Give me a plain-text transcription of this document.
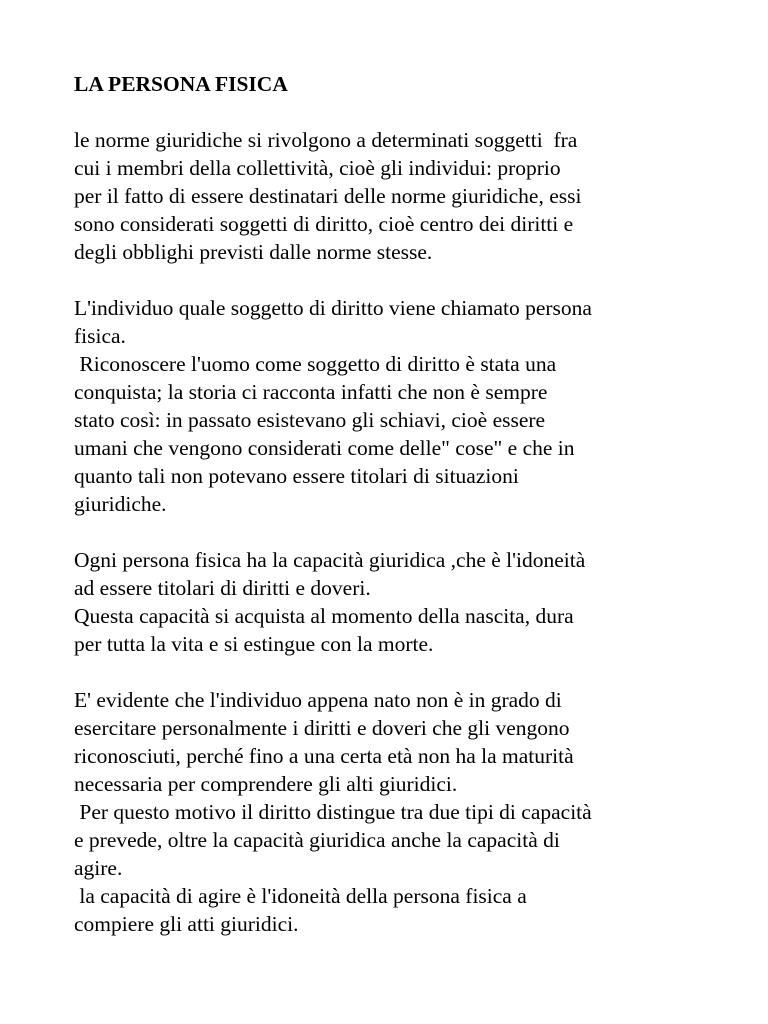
LA PERSONA FISICA

le norme giuridiche si rivolgono a determinati soggetti  fra

cui i membri della collettività, cioè gli individui: proprio

per il fatto di essere destinatari delle norme giuridiche, essi

sono considerati soggetti di diritto, cioè centro dei diritti e

degli obblighi previsti dalle norme stesse.

L'individuo quale soggetto di diritto viene chiamato persona

fisica.

Riconoscere l'uomo come soggetto di diritto è stata una

conquista; la storia ci racconta infatti che non è sempre

stato così: in passato esistevano gli schiavi, cioè essere

umani che vengono considerati come delle" cose" e che in

quanto tali non potevano essere titolari di situazioni

giuridiche.

Ogni persona fisica ha la capacità giuridica ,che è l'idoneità

ad essere titolari di diritti e doveri.

Questa capacità si acquista al momento della nascita, dura

per tutta la vita e si estingue con la morte.

E' evidente che l'individuo appena nato non è in grado di

esercitare personalmente i diritti e doveri che gli vengono

riconosciuti, perché fino a una certa età non ha la maturità

necessaria per comprendere gli alti giuridici.

Per questo motivo il diritto distingue tra due tipi di capacità

e prevede, oltre la capacità giuridica anche la capacità di

agire.

la capacità di agire è l'idoneità della persona fisica a

compiere gli atti giuridici.
